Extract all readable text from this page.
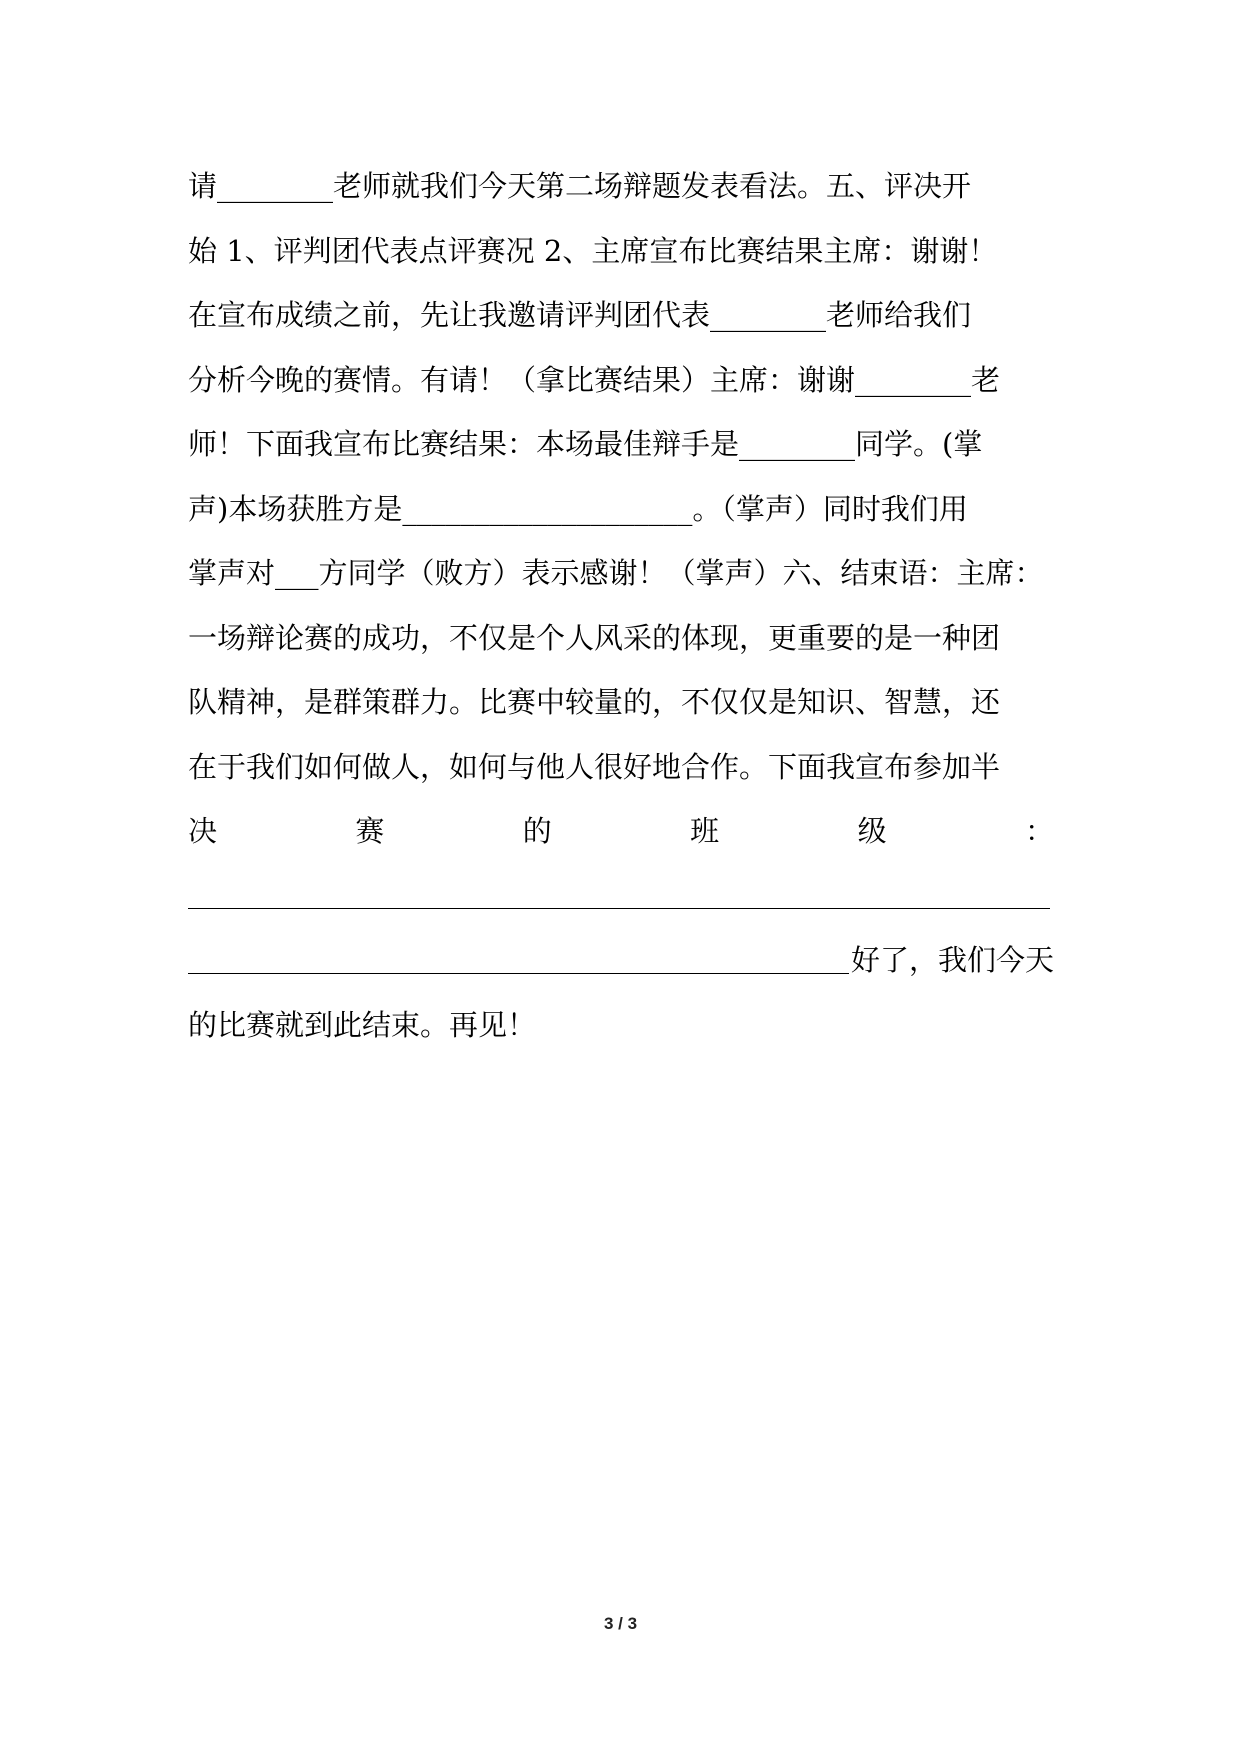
请________老师就我们今天第二场辩题发表看法。五、评决开
始 1、评判团代表点评赛况 2、主席宣布比赛结果主席：谢谢！
在宣布成绩之前，先让我邀请评判团代表________老师给我们
分析今晚的赛情。有请！（拿比赛结果）主席：谢谢________老
师！下面我宣布比赛结果：本场最佳辩手是________同学。(掌
声)本场获胜方是____________________。（掌声）同时我们用
掌声对___方同学（败方）表示感谢！（掌声）六、结束语：主席：
一场辩论赛的成功，不仅是个人风采的体现，更重要的是一种团
队精神，是群策群力。比赛中较量的，不仅仅是知识、智慧，还
在于我们如何做人，如何与他人很好地合作。下面我宣布参加半
决	赛	的	班	级	：
好了，我们今天
的比赛就到此结束。再见！
3 / 3
